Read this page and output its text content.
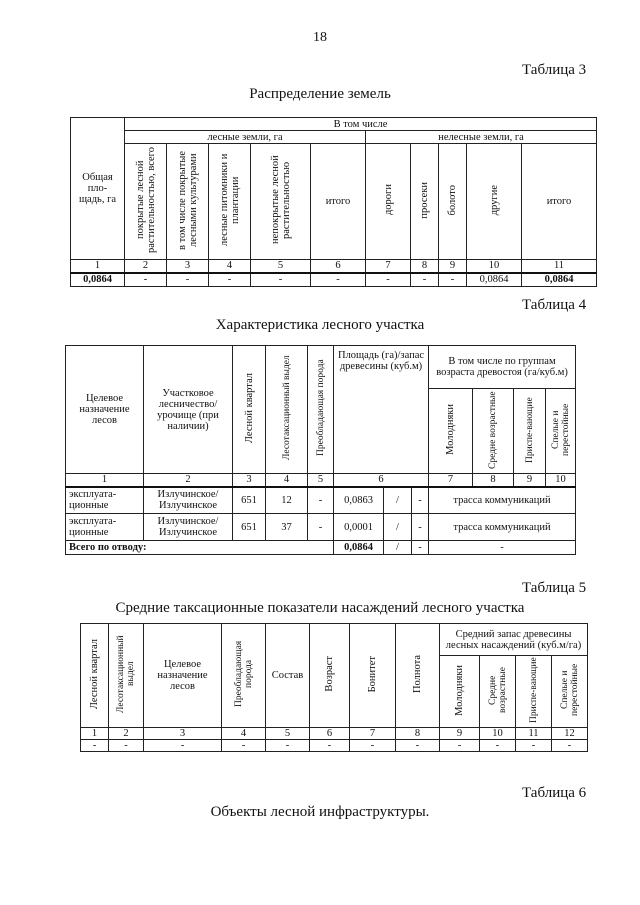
18
Таблица 3
Распределение земель
Общая пло-щадь, га	В том числе									
	лесные земли, га					нелесные земли, га				
	покрытые лесной растительностью, всего	в том числе покрытые лесными культурами	лесные питомники и плантации	непокрытые лесной растительностью	итого	дороги	просеки	болото	другие	итого
1	2	3	4	5	6	7	8	9	10	11
0,0864	-	-	-	-	-	-	-	-	0,0864	0,0864
Таблица 4
Характеристика лесного участка
Целевое назначение лесов	Участковое лесничество/ урочище (при наличии)	Лесной квартал	Лесотаксационный выдел	Преобладающая порода	Площадь (га)/запас древесины (куб.м)			В том числе по группам возраста древостоя (га/куб.м)			
								Молодняки	Средне возрастные	Приспе-вающие	Спелые и перестойные
1	2	3	4	5	6			7	8	9	10
эксплуата-ционные	Излучинское/ Излучинское	651	12	-	0,0863	/	-	трасса коммуникаций			
эксплуата-ционные	Излучинское/ Излучинское	651	37	-	0,0001	/	-	трасса коммуникаций			
Всего по отводу:					0,0864	/	-	-			
Таблица 5
Средние таксационные показатели насаждений лесного участка
Лесной квартал	Лесотаксационный выдел	Целевое назначение лесов	Преобладающая порода	Состав	Возраст	Бонитет	Полнота	Средний запас древесины лесных насаждений (куб.м/га)			
								Молодняки	Средне возрастные	Приспе-вающие	Спелые и перестойные
1	2	3	4	5	6	7	8	9	10	11	12
-	-	-	-	-	-	-	-	-	-	-	-
Таблица 6
Объекты лесной инфраструктуры.
